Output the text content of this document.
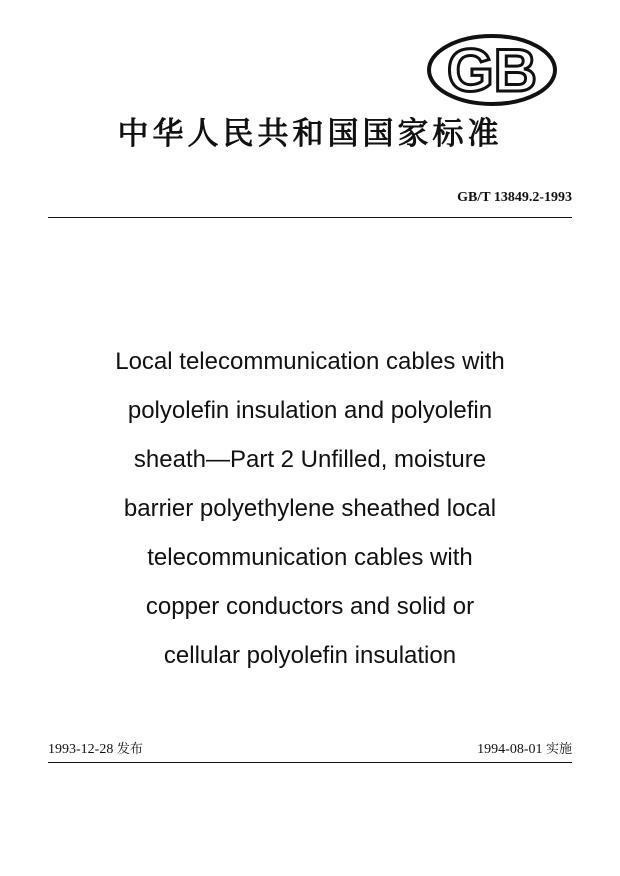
GB
中华人民共和国国家标准
GB/T 13849.2-1993
Local telecommunication cables with
polyolefin insulation and polyolefin
sheath—Part 2 Unfilled, moisture
barrier polyethylene sheathed local
telecommunication cables with
copper conductors and solid or
cellular polyolefin insulation
1993-12-28 发布	1994-08-01 实施
